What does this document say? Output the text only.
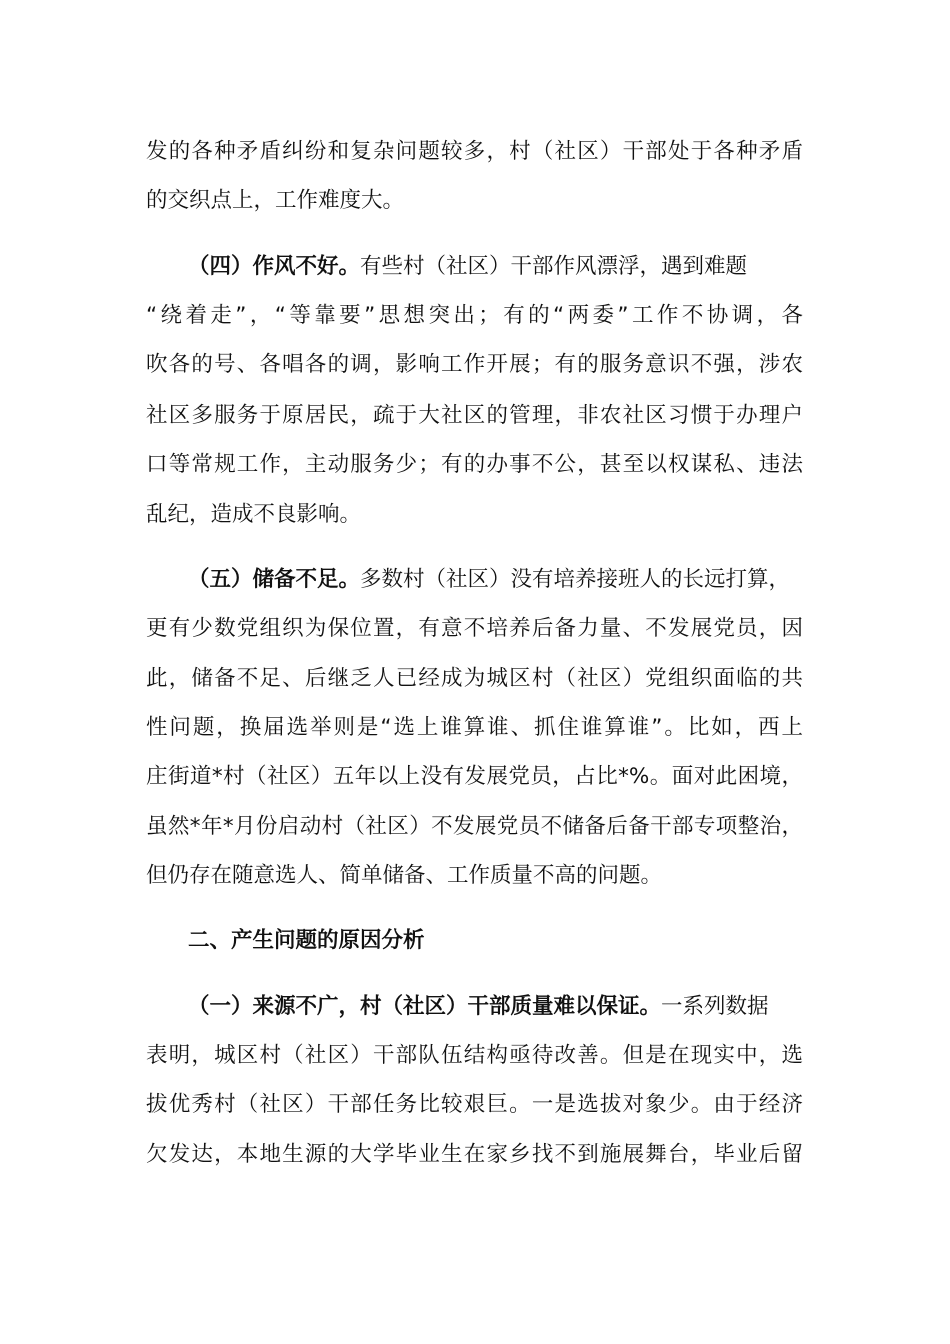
发的各种矛盾纠纷和复杂问题较多，村（社区）干部处于各种矛盾
的交织点上，工作难度大。
（四）作风不好。有些村（社区）干部作风漂浮，遇到难题
“绕着走”，“等靠要”思想突出；有的“两委”工作不协调，各
吹各的号、各唱各的调，影响工作开展；有的服务意识不强，涉农
社区多服务于原居民，疏于大社区的管理，非农社区习惯于办理户
口等常规工作，主动服务少；有的办事不公，甚至以权谋私、违法
乱纪，造成不良影响。
（五）储备不足。多数村（社区）没有培养接班人的长远打算，
更有少数党组织为保位置，有意不培养后备力量、不发展党员，因
此，储备不足、后继乏人已经成为城区村（社区）党组织面临的共
性问题，换届选举则是“选上谁算谁、抓住谁算谁”。比如，西上
庄街道*村（社区）五年以上没有发展党员，占比*%。面对此困境，
虽然*年*月份启动村（社区）不发展党员不储备后备干部专项整治，
但仍存在随意选人、简单储备、工作质量不高的问题。
二、产生问题的原因分析
（一）来源不广，村（社区）干部质量难以保证。一系列数据
表明，城区村（社区）干部队伍结构亟待改善。但是在现实中，选
拔优秀村（社区）干部任务比较艰巨。一是选拔对象少。由于经济
欠发达，本地生源的大学毕业生在家乡找不到施展舞台，毕业后留
